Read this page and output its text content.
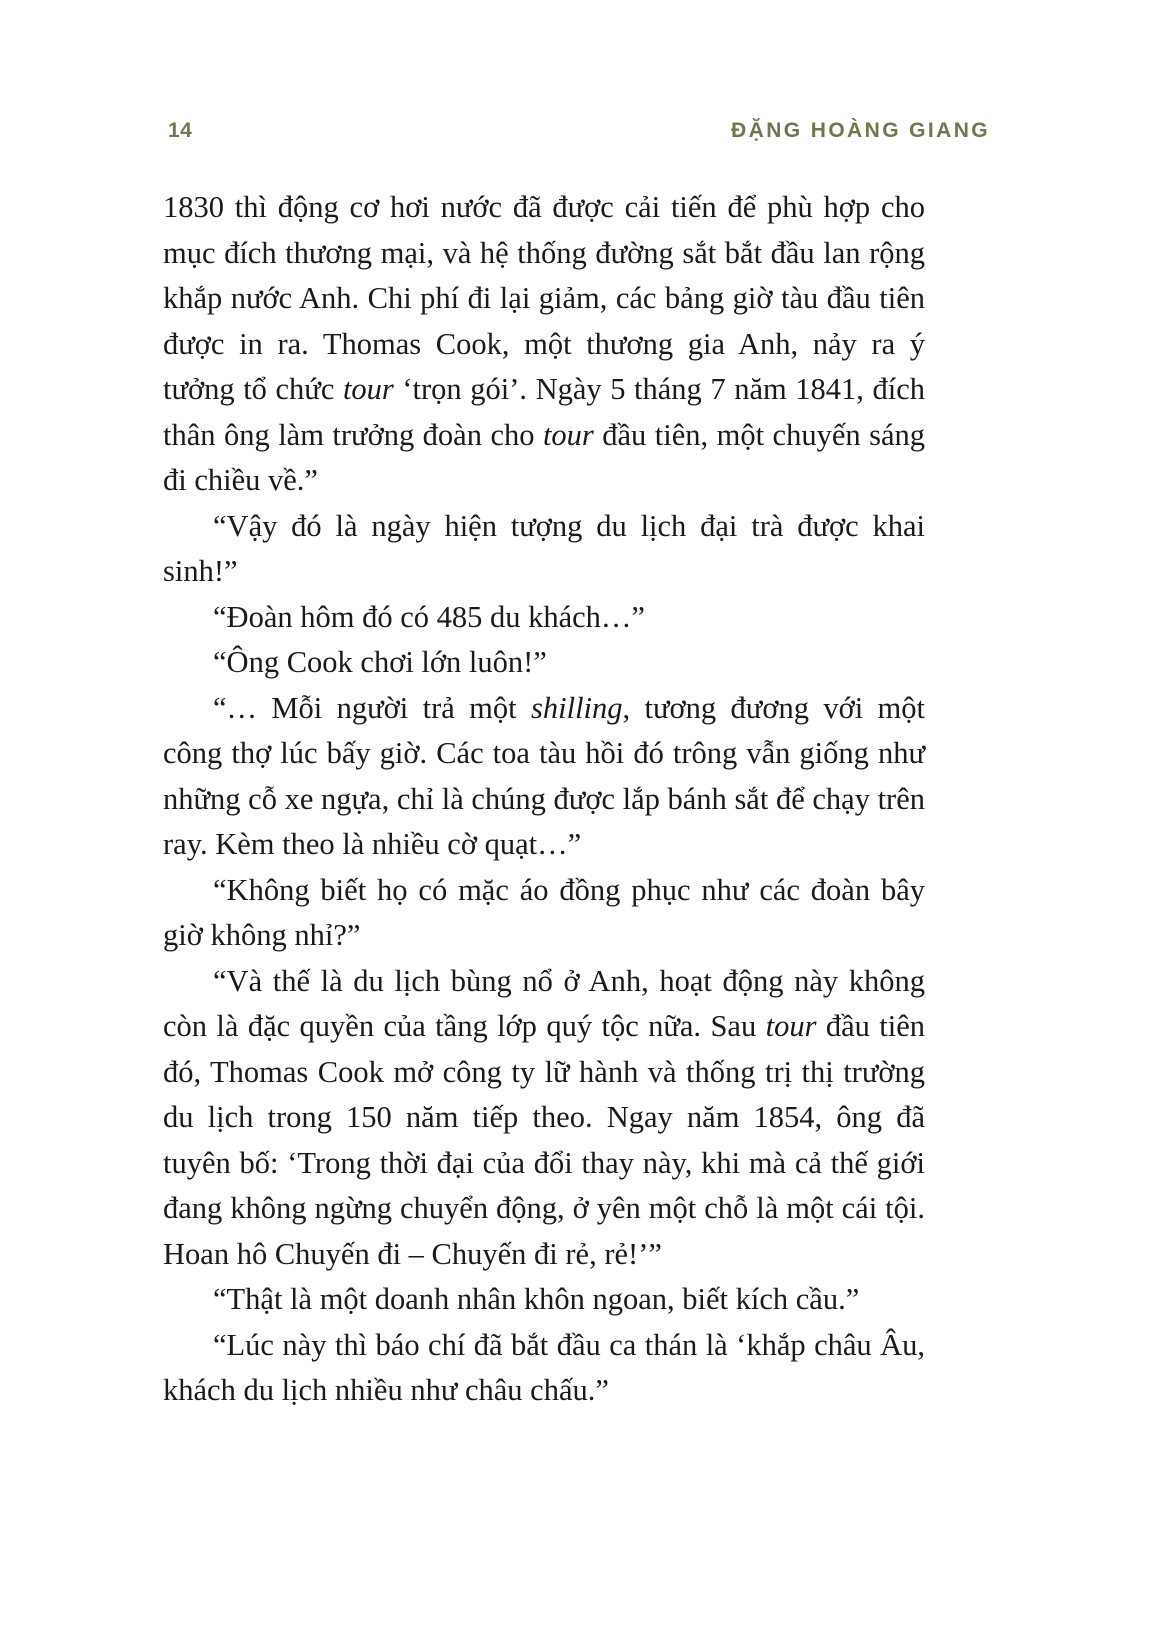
14	ĐẶNG HOÀNG GIANG

1830 thì động cơ hơi nước đã được cải tiến để phù hợp cho mục đích thương mại, và hệ thống đường sắt bắt đầu lan rộng khắp nước Anh. Chi phí đi lại giảm, các bảng giờ tàu đầu tiên được in ra. Thomas Cook, một thương gia Anh, nảy ra ý tưởng tổ chức tour ‘trọn gói’. Ngày 5 tháng 7 năm 1841, đích thân ông làm trưởng đoàn cho tour đầu tiên, một chuyến sáng đi chiều về.”

“Vậy đó là ngày hiện tượng du lịch đại trà được khai sinh!”

“Đoàn hôm đó có 485 du khách…”

“Ông Cook chơi lớn luôn!”

“… Mỗi người trả một shilling, tương đương với một công thợ lúc bấy giờ. Các toa tàu hồi đó trông vẫn giống như những cỗ xe ngựa, chỉ là chúng được lắp bánh sắt để chạy trên ray. Kèm theo là nhiều cờ quạt…”

“Không biết họ có mặc áo đồng phục như các đoàn bây giờ không nhỉ?”

“Và thế là du lịch bùng nổ ở Anh, hoạt động này không còn là đặc quyền của tầng lớp quý tộc nữa. Sau tour đầu tiên đó, Thomas Cook mở công ty lữ hành và thống trị thị trường du lịch trong 150 năm tiếp theo. Ngay năm 1854, ông đã tuyên bố: ‘Trong thời đại của đổi thay này, khi mà cả thế giới đang không ngừng chuyển động, ở yên một chỗ là một cái tội. Hoan hô Chuyến đi – Chuyến đi rẻ, rẻ!’”

“Thật là một doanh nhân khôn ngoan, biết kích cầu.”

“Lúc này thì báo chí đã bắt đầu ca thán là ‘khắp châu Âu, khách du lịch nhiều như châu chấu.”
